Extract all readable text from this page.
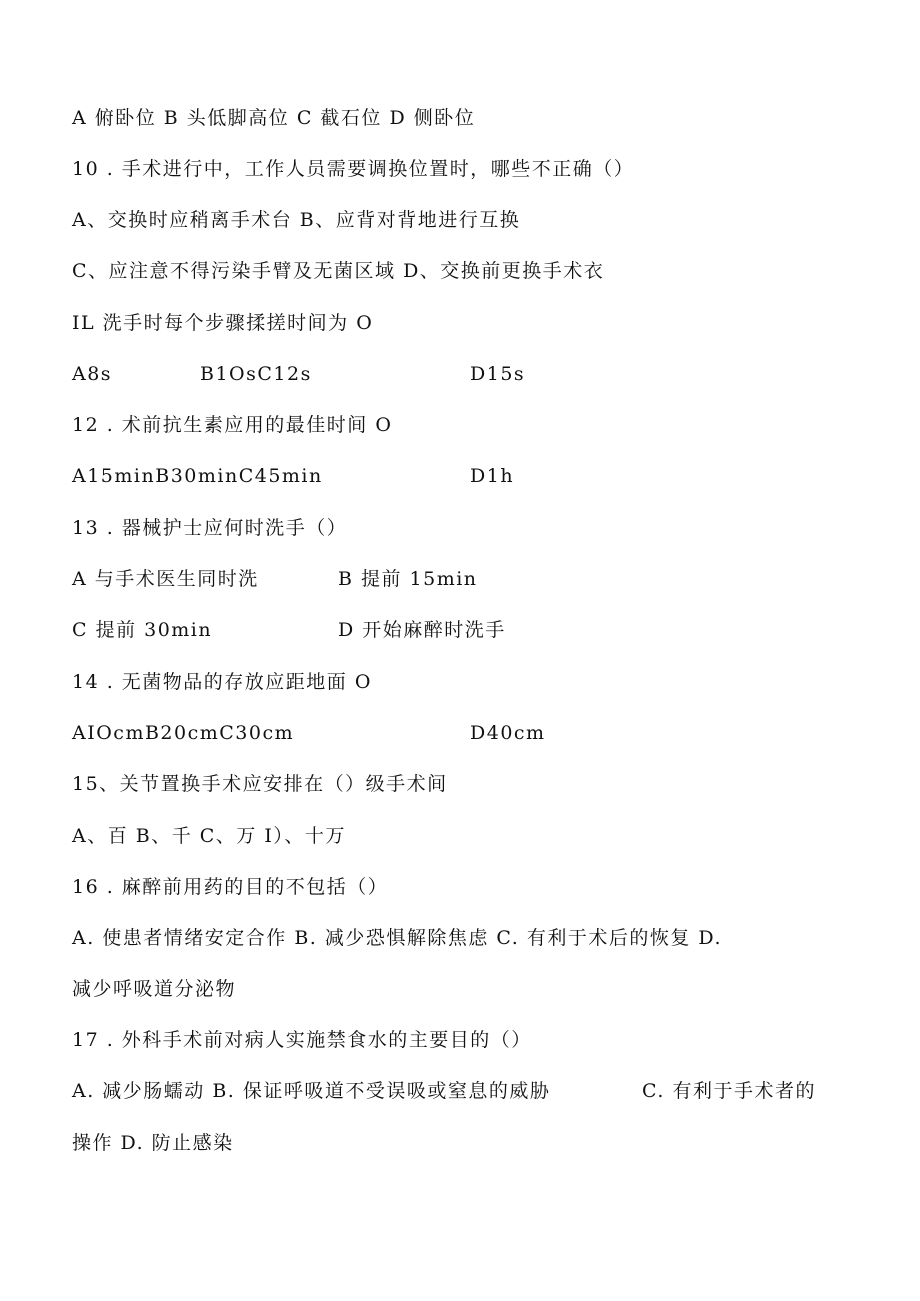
A 俯卧位 B 头低脚高位 C 截石位 D 侧卧位
10 . 手术进行中，工作人员需要调换位置时，哪些不正确（）
A、交换时应稍离手术台 B、应背对背地进行互换
C、应注意不得污染手臂及无菌区域 D、交换前更换手术衣
IL 洗手时每个步骤揉搓时间为 O

A8s

	B1OsC12s

	D15s

12 . 术前抗生素应用的最佳时间 O

A15minB30minC45min

	D1h

13 . 器械护士应何时洗手（）

A 与手术医生同时洗

	B 提前 15min

C 提前 30min

	D 开始麻醉时洗手

14 . 无菌物品的存放应距地面 O

AIOcmB20cmC30cm

	D40cm

15、关节置换手术应安排在（）级手术间
A、百 B、千 C、万 I）、十万
16 . 麻醉前用药的目的不包括（）
A. 使患者情绪安定合作 B. 减少恐惧解除焦虑 C. 有利于术后的恢复 D.
减少呼吸道分泌物
17 . 外科手术前对病人实施禁食水的主要目的（）

A. 减少肠蠕动 B. 保证呼吸道不受误吸或窒息的威胁

	C. 有利于手术者的

操作 D. 防止感染
